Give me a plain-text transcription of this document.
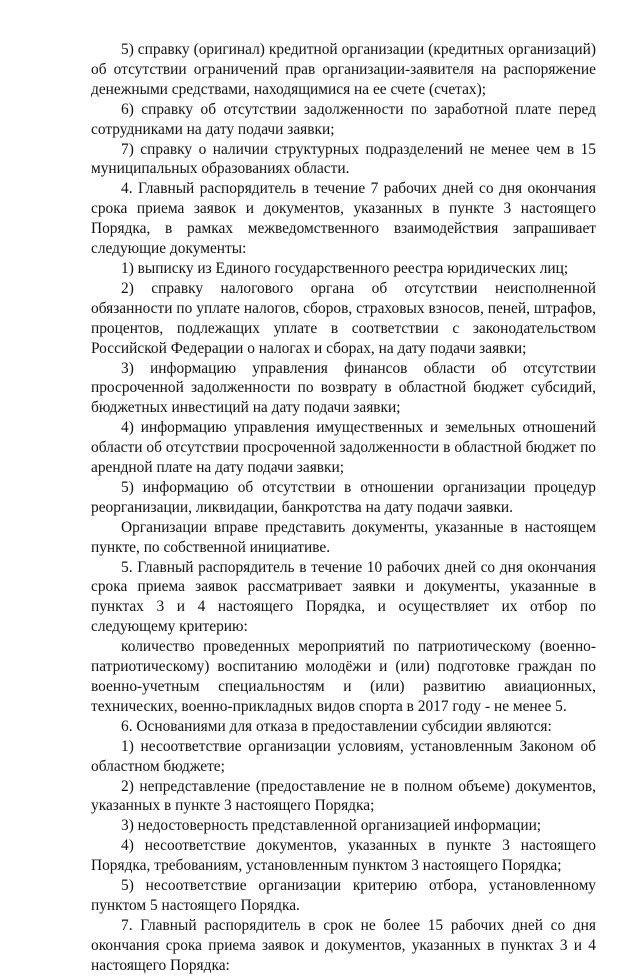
5) справку (оригинал) кредитной организации (кредитных организаций) об отсутствии ограничений прав организации-заявителя на распоряжение денежными средствами, находящимися на ее счете (счетах);

6) справку об отсутствии задолженности по заработной плате перед сотрудниками на дату подачи заявки;

7) справку о наличии структурных подразделений не менее чем в 15 муниципальных образованиях области.

4. Главный распорядитель в течение 7 рабочих дней со дня окончания срока приема заявок и документов, указанных в пункте 3 настоящего Порядка, в рамках межведомственного взаимодействия запрашивает следующие документы:

1) выписку из Единого государственного реестра юридических лиц;

2) справку налогового органа об отсутствии неисполненной обязанности по уплате налогов, сборов, страховых взносов, пеней, штрафов, процентов, подлежащих уплате в соответствии с законодательством Российской Федерации о налогах и сборах, на дату подачи заявки;

3) информацию управления финансов области об отсутствии просроченной задолженности по возврату в областной бюджет субсидий, бюджетных инвестиций на дату подачи заявки;

4) информацию управления имущественных и земельных отношений области об отсутствии просроченной задолженности в областной бюджет по арендной плате на дату подачи заявки;

5) информацию об отсутствии в отношении организации процедур реорганизации, ликвидации, банкротства на дату подачи заявки.

Организации вправе представить документы, указанные в настоящем пункте, по собственной инициативе.

5. Главный распорядитель в течение 10 рабочих дней со дня окончания срока приема заявок рассматривает заявки и документы, указанные в пунктах 3 и 4 настоящего Порядка, и осуществляет их отбор по следующему критерию:

количество проведенных мероприятий по патриотическому (военно-патриотическому) воспитанию молодёжи и (или) подготовке граждан по военно-учетным специальностям и (или) развитию авиационных, технических, военно-прикладных видов спорта в 2017 году - не менее 5.

6. Основаниями для отказа в предоставлении субсидии являются:

1) несоответствие организации условиям, установленным Законом об областном бюджете;

2) непредставление (предоставление не в полном объеме) документов, указанных в пункте 3 настоящего Порядка;

3) недостоверность представленной организацией информации;

4) несоответствие документов, указанных в пункте 3 настоящего Порядка, требованиям, установленным пунктом 3 настоящего Порядка;

5) несоответствие организации критерию отбора, установленному пунктом 5 настоящего Порядка.

7. Главный распорядитель в срок не более 15 рабочих дней со дня окончания срока приема заявок и документов, указанных в пунктах 3 и 4 настоящего Порядка:
